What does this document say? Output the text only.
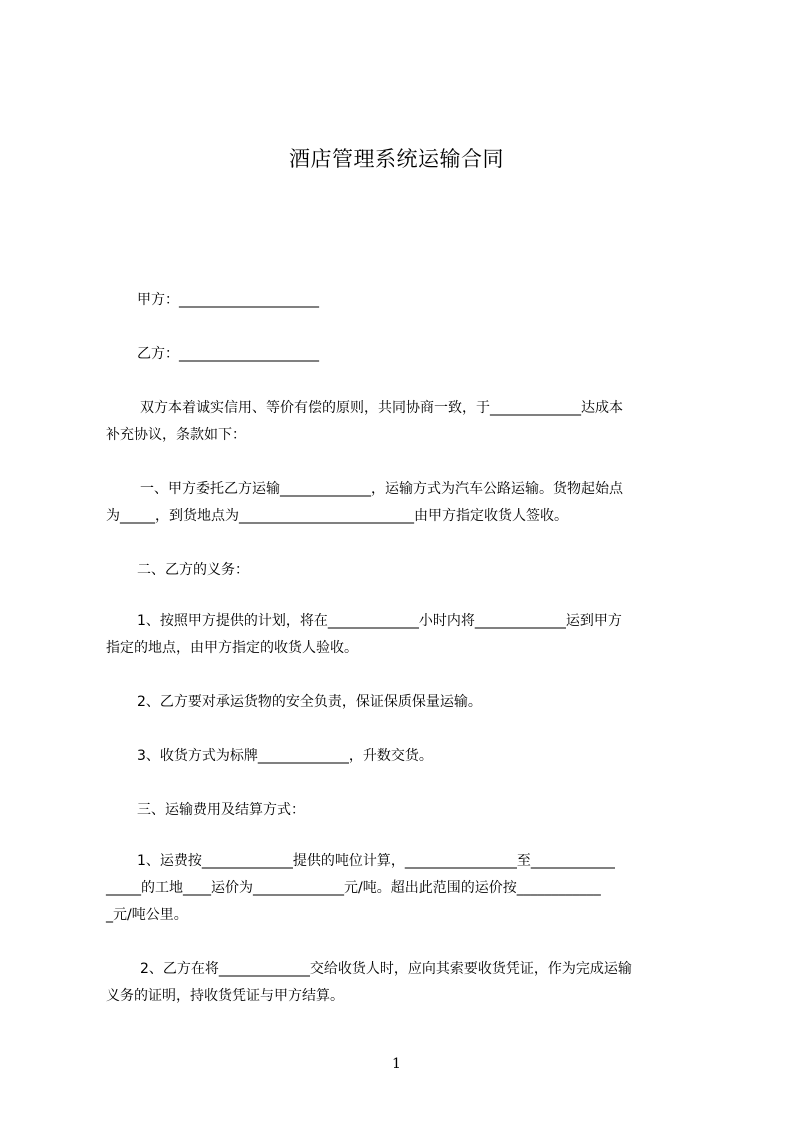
酒店管理系统运输合同
甲方：____________________
乙方：____________________
双方本着诚实信用、等价有偿的原则，共同协商一致，于_____________达成本
补充协议，条款如下：
一、甲方委托乙方运输_____________，运输方式为汽车公路运输。货物起始点
为_____，到货地点为_________________________由甲方指定收货人签收。
二、乙方的义务：
1、按照甲方提供的计划，将在_____________小时内将_____________运到甲方
指定的地点，由甲方指定的收货人验收。
2、乙方要对承运货物的安全负责，保证保质保量运输。
3、收货方式为标牌_____________，升数交货。
三、运输费用及结算方式：
1、运费按_____________提供的吨位计算，________________至____________
_____的工地____运价为_____________元/吨。超出此范围的运价按____________
_元/吨公里。
2、乙方在将_____________交给收货人时，应向其索要收货凭证，作为完成运输
义务的证明，持收货凭证与甲方结算。
1
